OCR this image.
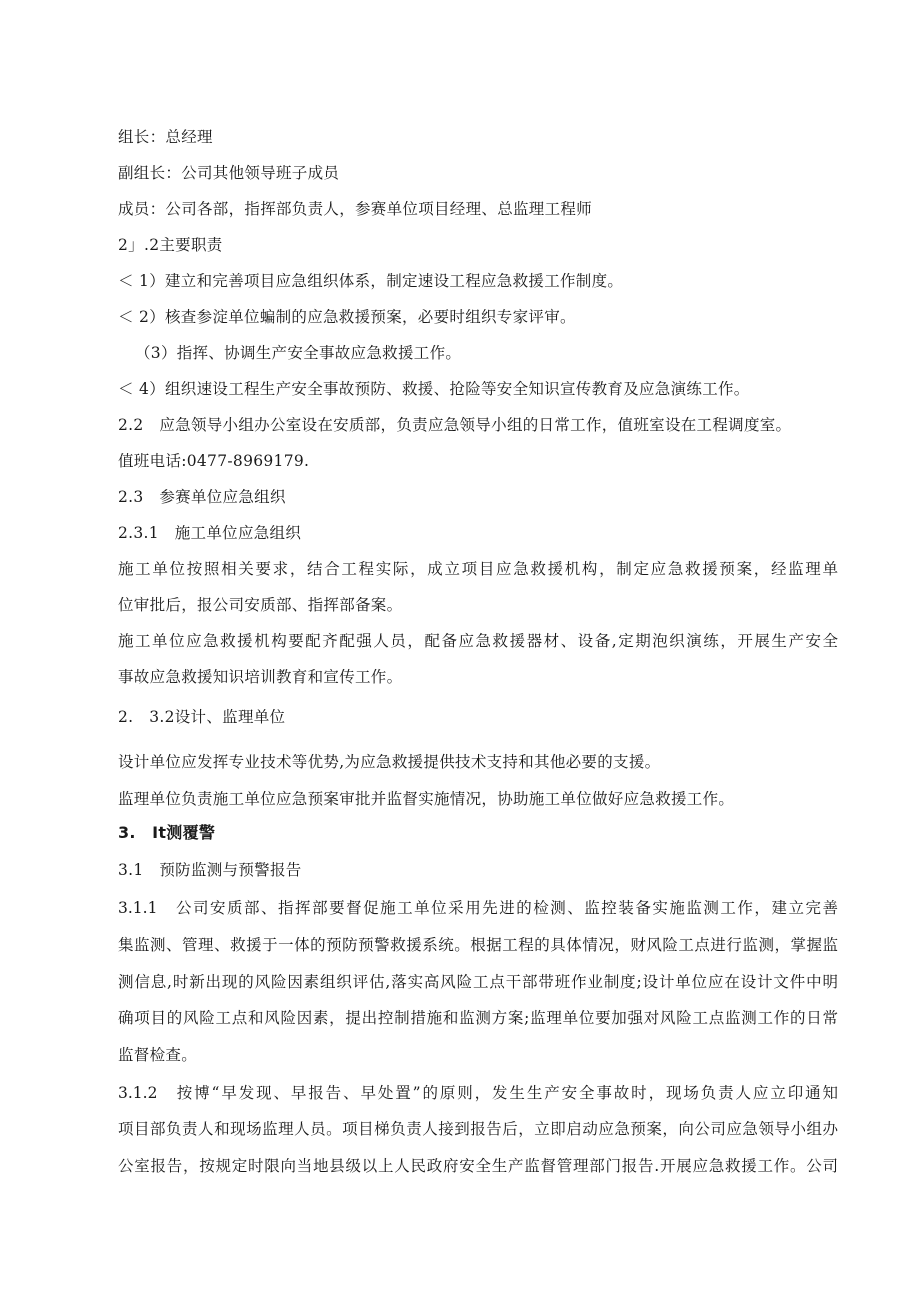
组长：总经理
副组长：公司其他领导班子成员
成员：公司各部，指挥部负责人，参赛单位项目经理、总监理工程师
2」.2主要职责
＜ 1）建立和完善项目应急组织体系，制定速设工程应急救援工作制度。
＜ 2）核查参淀单位蝙制的应急救援预案，必要时组织专家评审。
（3）指挥、协调生产安全事故应急救援工作。
＜ 4）组织速设工程生产安全事故预防、救援、抢险等安全知识宣传教育及应急演练工作。
2.2　应急领导小组办公室设在安质部，负责应急领导小组的日常工作，值班室设在工程调度室。
值班电话:0477-8969179.
2.3　参赛单位应急组织
2.3.1　施工单位应急组织
施工单位按照相关要求，结合工程实际，成立项目应急救援机构，制定应急救援预案，经监理单
位审批后，报公司安质部、指挥部备案。
施工单位应急救援机构要配齐配强人员，配备应急救援器材、设备,定期泡织演练，开展生产安全
事故应急救援知识培训教育和宣传工作。
2.　3.2设计、监理单位
设计单位应发挥专业技术等优势,为应急救援提供技术支持和其他必要的支援。
监理单位负责施工单位应急预案审批并监督实施情况，协助施工单位做好应急救援工作。
3.　It测覆警
3.1　预防监测与预警报告
3.1.1　公司安质部、指挥部要督促施工单位采用先进的检测、监控装备实施监测工作，建立完善
集监测、管理、救援于一体的预防预警救援系统。根据工程的具体情况，财风险工点进行监测，掌握监
测信息,时新出现的风险因素组织评估,落实高风险工点干部带班作业制度;设计单位应在设计文件中明
确项目的风险工点和风险因素，提出控制措施和监测方案;监理单位要加强对风险工点监测工作的日常
监督检查。
3.1.2　按博“早发现、早报告、早处置”的原则，发生生产安全事故时，现场负责人应立印通知
项目部负责人和现场监理人员。项目梯负责人接到报告后，立即启动应急预案，向公司应急领导小组办
公室报告，按规定时限向当地县级以上人民政府安全生产监督管理部门报告.开展应急救援工作。公司
